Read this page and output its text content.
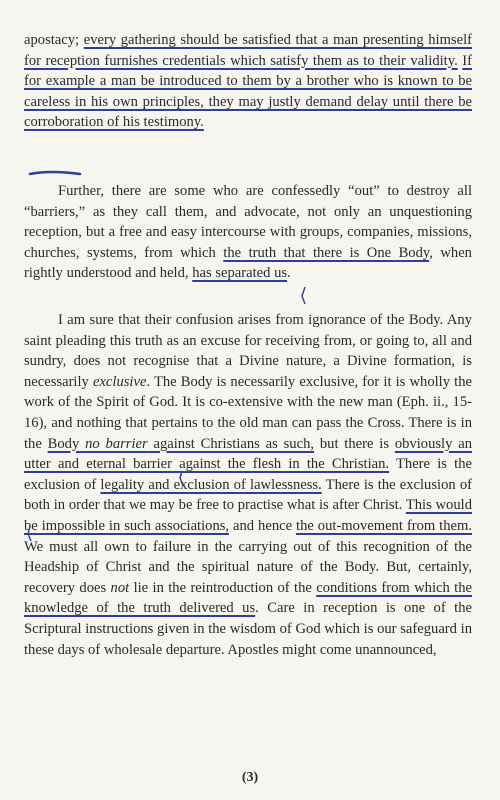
apostacy; every gathering should be satisfied that a man presenting himself for reception furnishes credentials which satisfy them as to their validity. If for example a man be introduced to them by a brother who is known to be careless in his own principles, they may justly demand delay until there be corroboration of his testimony.

Further, there are some who are confessedly “out” to destroy all “barriers,” as they call them, and advocate, not only an unquestioning reception, but a free and easy intercourse with groups, companies, missions, churches, systems, from which the truth that there is One Body, when rightly understood and held, has separated us.

I am sure that their confusion arises from ignorance of the Body. Any saint pleading this truth as an excuse for receiving from, or going to, all and sundry, does not recognise that a Divine nature, a Divine formation, is necessarily exclusive. The Body is necessarily exclusive, for it is wholly the work of the Spirit of God. It is co-extensive with the new man (Eph. ii., 15-16), and nothing that pertains to the old man can pass the Cross. There is in the Body no barrier against Christians as such, but there is obviously an utter and eternal barrier against the flesh in the Christian. There is the exclusion of legality and exclusion of lawlessness. There is the exclusion of both in order that we may be free to practise what is after Christ. This would be impossible in such associations, and hence the out-movement from them. We must all own to failure in the carrying out of this recognition of the Headship of Christ and the spiritual nature of the Body. But, certainly, recovery does not lie in the reintroduction of the conditions from which the knowledge of the truth delivered us. Care in reception is one of the Scriptural instructions given in the wisdom of God which is our safeguard in these days of wholesale departure. Apostles might come unannounced,

(3)
